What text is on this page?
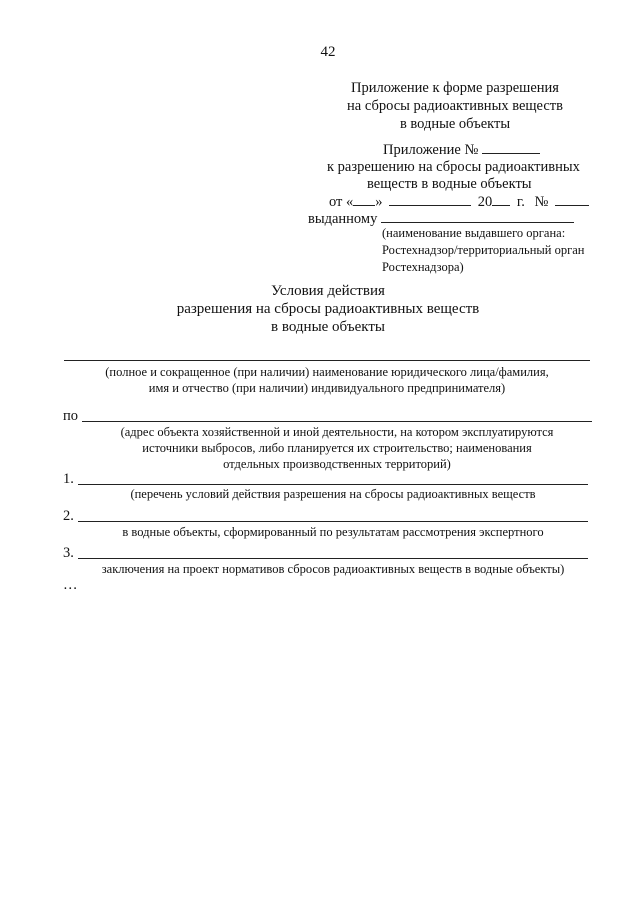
42
Приложение к форме разрешения
на сбросы радиоактивных веществ
в водные объекты
Приложение №
к разрешению на сбросы радиоактивных
веществ в водные объекты
от « »	20 г. №
выданному
(наименование выдавшего органа:
Ростехнадзор/территориальный орган
Ростехнадзора)
Условия действия
разрешения на сбросы радиоактивных веществ
в водные объекты
(полное и сокращенное (при наличии) наименование юридического лица/фамилия,
имя и отчество (при наличии) индивидуального предпринимателя)
по
(адрес объекта хозяйственной и иной деятельности, на котором эксплуатируются
источники выбросов, либо планируется их строительство; наименования
отдельных производственных территорий)
1.
(перечень условий действия разрешения на сбросы радиоактивных веществ
2.
в водные объекты, сформированный по результатам рассмотрения экспертного
3.
заключения на проект нормативов сбросов радиоактивных веществ в водные объекты)
…
